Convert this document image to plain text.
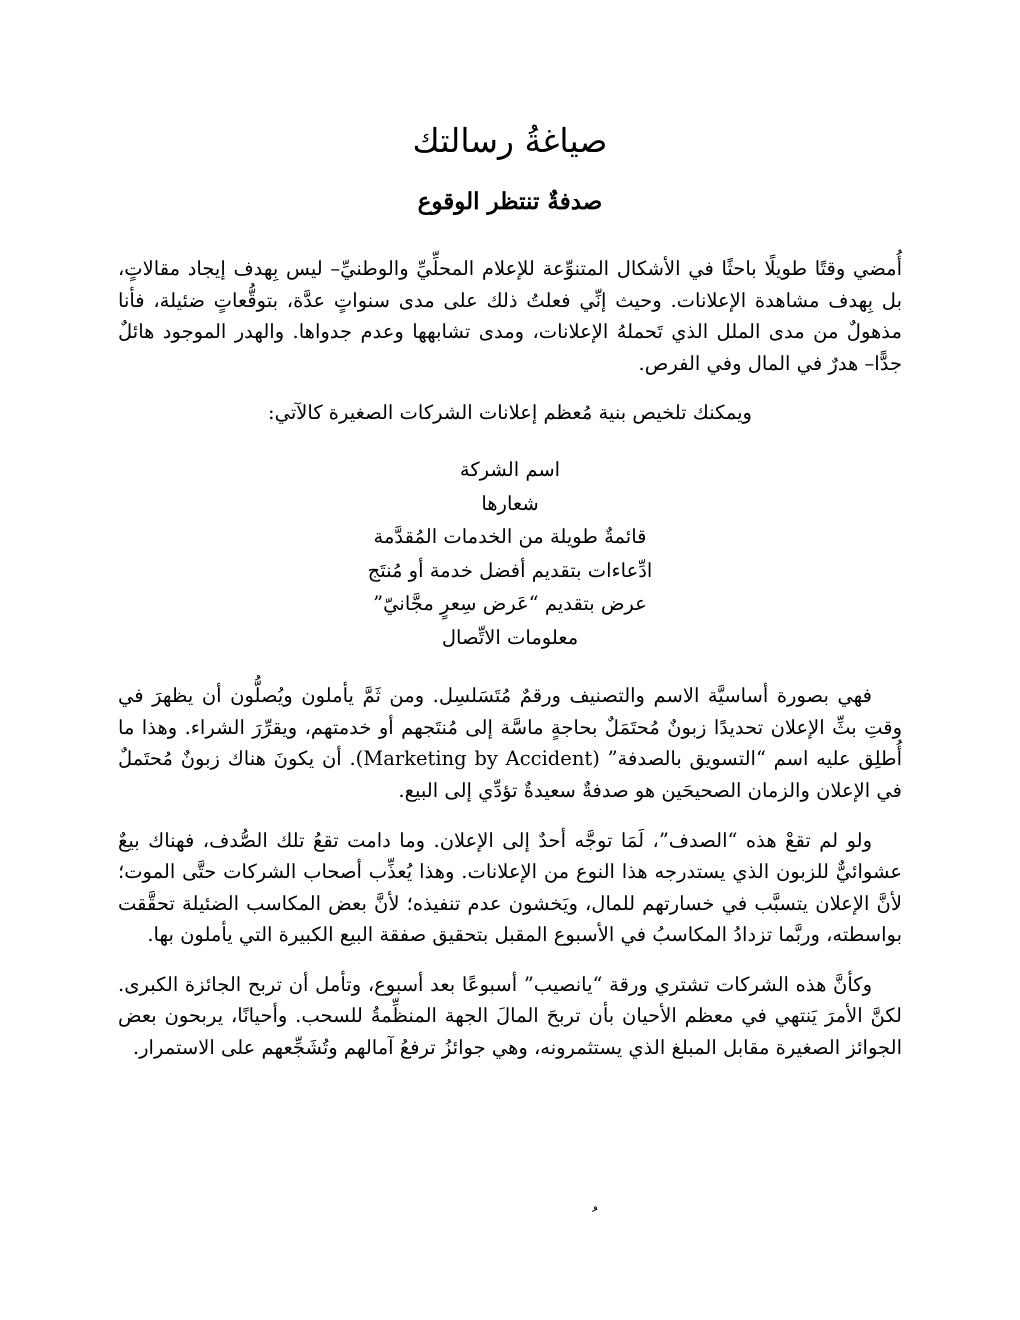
صياغةُ رسالتك
صدفةٌ تنتظر الوقوع

أُمضي وقتًا طويلًا باحثًا في الأشكال المتنوِّعة للإعلام المحلِّيِّ والوطنيِّ– ليس بِهدف إيجاد مقالاتٍ، بل بِهدف مشاهدة الإعلانات. وحيث إنِّي فعلتُ ذلك على مدى سنواتٍ عدَّة، بتوقُّعاتٍ ضئيلة، فأنا مذهولٌ من مدى الملل الذي تَحملهُ الإعلانات، ومدى تشابهها وعدم جدواها. والهدر الموجود هائلٌ جدًّا– هدرٌ في المال وفي الفرص.

ويمكنك تلخيص بنية مُعظم إعلانات الشركات الصغيرة كالآتي:

اسم الشركة
شعارها
قائمةٌ طويلة من الخدمات المُقدَّمة
ادِّعاءات بتقديم أفضل خدمة أو مُنتَج
عرض بتقديم “عَرض سِعرٍ مجَّانيّ”
معلومات الاتِّصال

فهي بصورة أساسيَّة الاسم والتصنيف ورقمٌ مُتَسَلسِل. ومن ثَمَّ يأملون ويُصلُّون أن يظهرَ في وقتِ بثِّ الإعلان تحديدًا زبونٌ مُحتَمَلٌ بحاجةٍ ماسَّة إلى مُنتَجهم أو خدمتهم، ويقرِّرَ الشراء. وهذا ما أُطلِق عليه اسم “التسويق بالصدفة” (Marketing by Accident). أن يكونَ هناك زبونٌ مُحتَملٌ في الإعلان والزمان الصحيحَين هو صدفةٌ سعيدةٌ تؤدِّي إلى البيع.

ولو لم تقعْ هذه “الصدف”، لَمَا توجَّه أحدٌ إلى الإعلان. وما دامت تقعُ تلك الصُّدف، فهناك بيعٌ عشوائيٌّ للزبون الذي يستدرجه هذا النوع من الإعلانات. وهذا يُعذِّب أصحاب الشركات حتَّى الموت؛ لأنَّ الإعلان يتسبَّب في خسارتهم للمال، ويَخشون عدم تنفيذه؛ لأنَّ بعض المكاسب الضئيلة تحقَّقت بواسطته، وربَّما تزدادُ المكاسبُ في الأسبوع المقبل بتحقيق صفقة البيع الكبيرة التي يأملون بها.

وكأنَّ هذه الشركات تشتري ورقة “يانصيب” أسبوعًا بعد أسبوع، وتأمل أن تربح الجائزة الكبرى. لكنَّ الأمرَ يَنتهي في معظم الأحيان بأن تربحَ المالَ الجهة المنظِّمةُ للسحب. وأحيانًا، يربحون بعض الجوائز الصغيرة مقابل المبلغ الذي يستثمرونه، وهي جوائزُ ترفعُ آمالهم وتُشَجِّعهم على الاستمرار.
